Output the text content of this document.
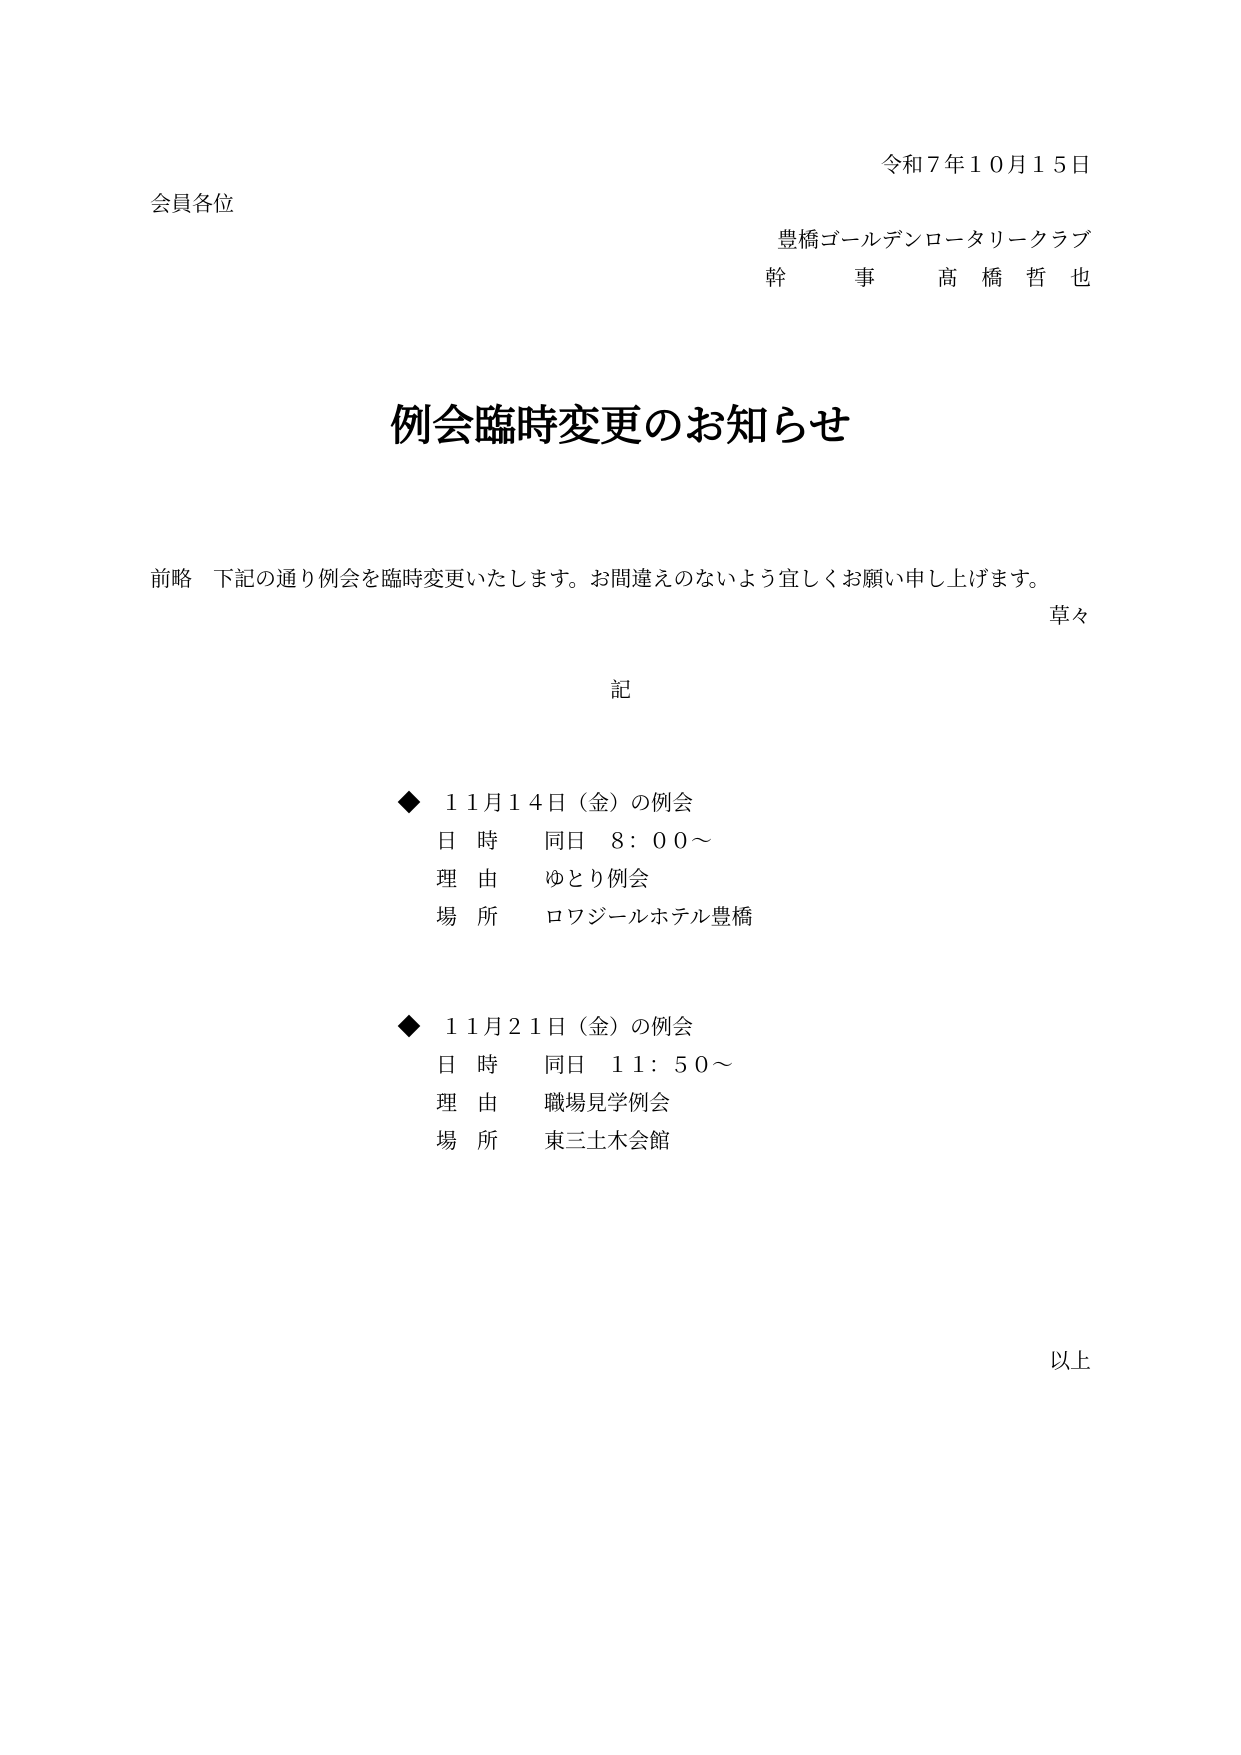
令和７年１０月１５日
会員各位
豊橋ゴールデンロータリークラブ
幹	事	髙 橋 哲 也
例会臨時変更のお知らせ
前略　下記の通り例会を臨時変更いたします。お間違えのないよう宜しくお願い申し上げます。
草々
記
１１月１４日（金）の例会
日 時 同日　８：００～
理 由 ゆとり例会
場 所 ロワジールホテル豊橋
１１月２１日（金）の例会
日 時 同日　１１：５０～
理 由 職場見学例会
場 所 東三土木会館
以上
